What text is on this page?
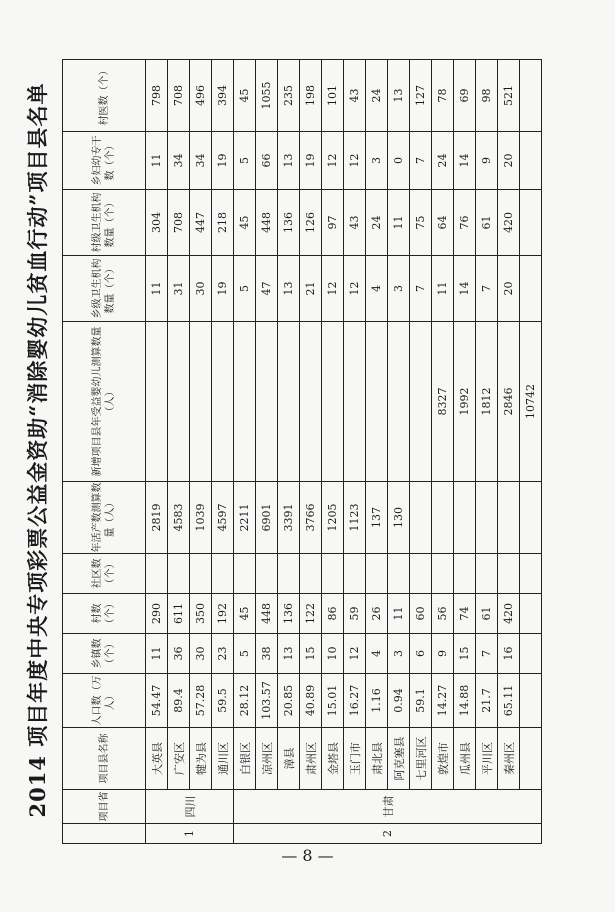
2014 项目年度中央专项彩票公益金资助“消除婴幼儿贫血行动”项目县名单
		项目省	项目县名称	人口数（万人）	乡镇数（个）	村数（个）	社区数（个）	年活产数测算数量（人）	新增项目县年受益婴幼儿测算数量（人）	乡级卫生机构数量（个）	村级卫生机构数量（个）	乡妇幼专干数（个）	村医数（个）
1	四川	大英县	54.47	11	290		2819		11	304	11	798
		广安区	89.4	36	611		4583		31	708	34	708
		犍为县	57.28	30	350		1039		30	447	34	496
		通川区	59.5	23	192		4597		19	218	19	394
2	甘肃	白银区	28.12	5	45		2211		5	45	5	45
		凉州区	103.57	38	448		6901		47	448	66	1055
		漳县	20.85	13	136		3391		13	136	13	235
		肃州区	40.89	15	122		3766		21	126	19	198
		金塔县	15.01	10	86		1205		12	97	12	101
		玉门市	16.27	12	59		1123		12	43	12	43
		肃北县	1.16	4	26		137		4	24	3	24
		阿克塞县	0.94	3	11		130		3	11	0	13
		七里河区	59.1	6	60				7	75	7	127
		敦煌市	14.27	9	56			8327	11	64	24	78
		瓜州县	14.88	15	74			1992	14	76	14	69
		平川区	21.7	7	61			1812	7	61	9	98
		秦州区	65.11	16	420			2846	20	420	20	521
								10742				
— 8 —
